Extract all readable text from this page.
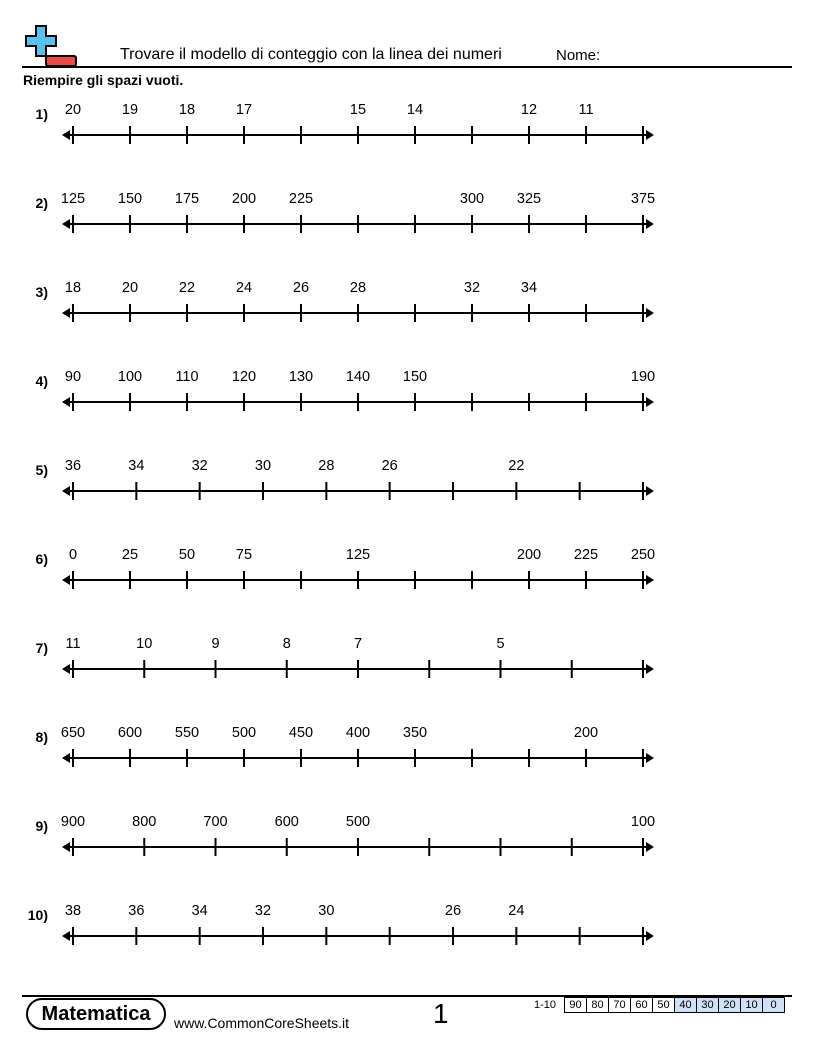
Trovare il modello di conteggio con la linea dei numeri	Nome:
Riempire gli spazi vuoti.
1) 20	19	18	17	15	14	12	11
2) 125 150 175 200 225	300 325	375
3) 18	20	22	24	26	28	32	34
4) 90	100 110 120 130 140 150	190
5) 36	34	32	30	28	26	22
6) 0	25	50	75	125	200 225 250
7) 11	10	9	8	7	5
8) 650 600 550 500 450 400 350	200
9) 900	800	700	600	500	100
10) 38	36	34	32	30	26	24
Matematica	www.CommonCoreSheets.it	1	1-10 90	80	70	60	50	40	30	20	10	0
